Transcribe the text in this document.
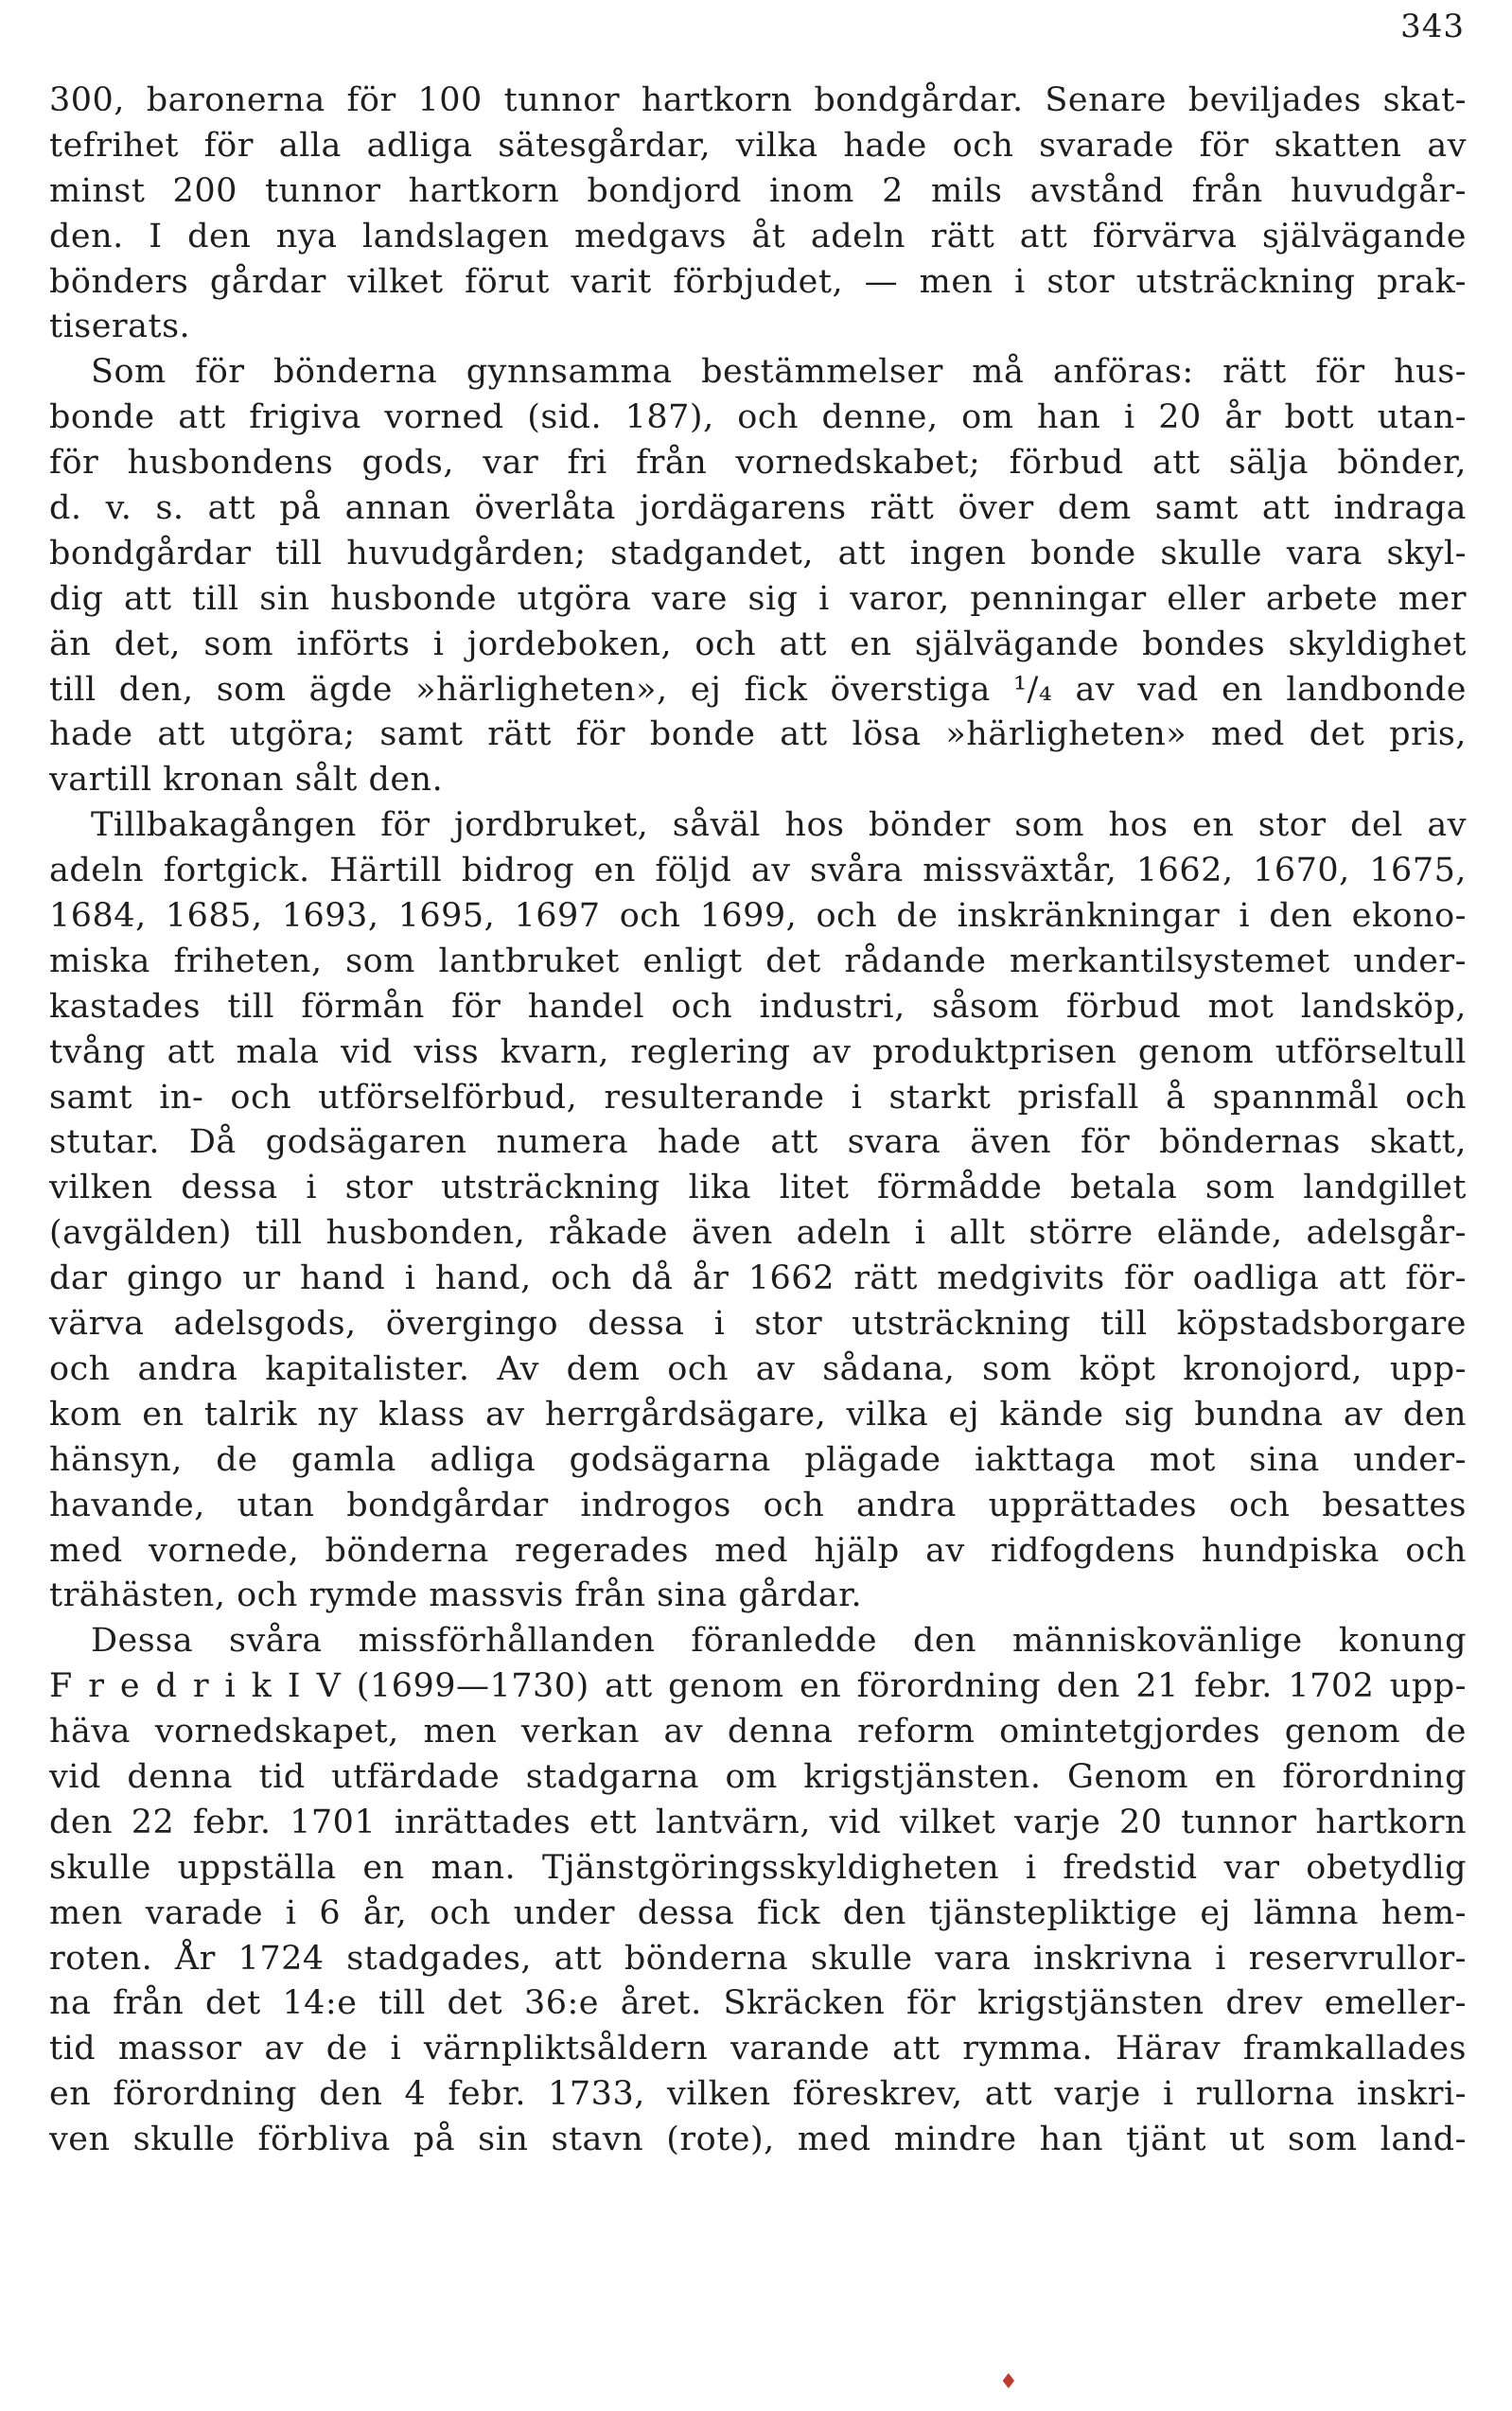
343
300, baronerna för 100 tunnor hartkorn bondgårdar. Senare beviljades skat-
tefrihet för alla adliga sätesgårdar, vilka hade och svarade för skatten av
minst 200 tunnor hartkorn bondjord inom 2 mils avstånd från huvudgår-
den. I den nya landslagen medgavs åt adeln rätt att förvärva självägande
bönders gårdar vilket förut varit förbjudet, — men i stor utsträckning prak-
tiserats.
Som för bönderna gynnsamma bestämmelser må anföras: rätt för hus-
bonde att frigiva vorned (sid. 187), och denne, om han i 20 år bott utan-
för husbondens gods, var fri från vornedskabet; förbud att sälja bönder,
d. v. s. att på annan överlåta jordägarens rätt över dem samt att indraga
bondgårdar till huvudgården; stadgandet, att ingen bonde skulle vara skyl-
dig att till sin husbonde utgöra vare sig i varor, penningar eller arbete mer
än det, som införts i jordeboken, och att en självägande bondes skyldighet
till den, som ägde »härligheten», ej fick överstiga ¹/₄ av vad en landbonde
hade att utgöra; samt rätt för bonde att lösa »härligheten» med det pris,
vartill kronan sålt den.
Tillbakagången för jordbruket, såväl hos bönder som hos en stor del av
adeln fortgick. Härtill bidrog en följd av svåra missväxtår, 1662, 1670, 1675,
1684, 1685, 1693, 1695, 1697 och 1699, och de inskränkningar i den ekono-
miska friheten, som lantbruket enligt det rådande merkantilsystemet under-
kastades till förmån för handel och industri, såsom förbud mot landsköp,
tvång att mala vid viss kvarn, reglering av produktprisen genom utförseltull
samt in- och utförselförbud, resulterande i starkt prisfall å spannmål och
stutar. Då godsägaren numera hade att svara även för böndernas skatt,
vilken dessa i stor utsträckning lika litet förmådde betala som landgillet
(avgälden) till husbonden, råkade även adeln i allt större elände, adelsgår-
dar gingo ur hand i hand, och då år 1662 rätt medgivits för oadliga att för-
värva adelsgods, övergingo dessa i stor utsträckning till köpstadsborgare
och andra kapitalister. Av dem och av sådana, som köpt kronojord, upp-
kom en talrik ny klass av herrgårdsägare, vilka ej kände sig bundna av den
hänsyn, de gamla adliga godsägarna plägade iakttaga mot sina under-
havande, utan bondgårdar indrogos och andra upprättades och besattes
med vornede, bönderna regerades med hjälp av ridfogdens hundpiska och
trähästen, och rymde massvis från sina gårdar.
Dessa svåra missförhållanden föranledde den människovänlige konung
F r e d r i k I V (1699—1730) att genom en förordning den 21 febr. 1702 upp-
häva vornedskapet, men verkan av denna reform omintetgjordes genom de
vid denna tid utfärdade stadgarna om krigstjänsten. Genom en förordning
den 22 febr. 1701 inrättades ett lantvärn, vid vilket varje 20 tunnor hartkorn
skulle uppställa en man. Tjänstgöringsskyldigheten i fredstid var obetydlig
men varade i 6 år, och under dessa fick den tjänstepliktige ej lämna hem-
roten. År 1724 stadgades, att bönderna skulle vara inskrivna i reservrullor-
na från det 14:e till det 36:e året. Skräcken för krigstjänsten drev emeller-
tid massor av de i värnpliktsåldern varande att rymma. Härav framkallades
en förordning den 4 febr. 1733, vilken föreskrev, att varje i rullorna inskri-
ven skulle förbliva på sin stavn (rote), med mindre han tjänt ut som land-
♦
